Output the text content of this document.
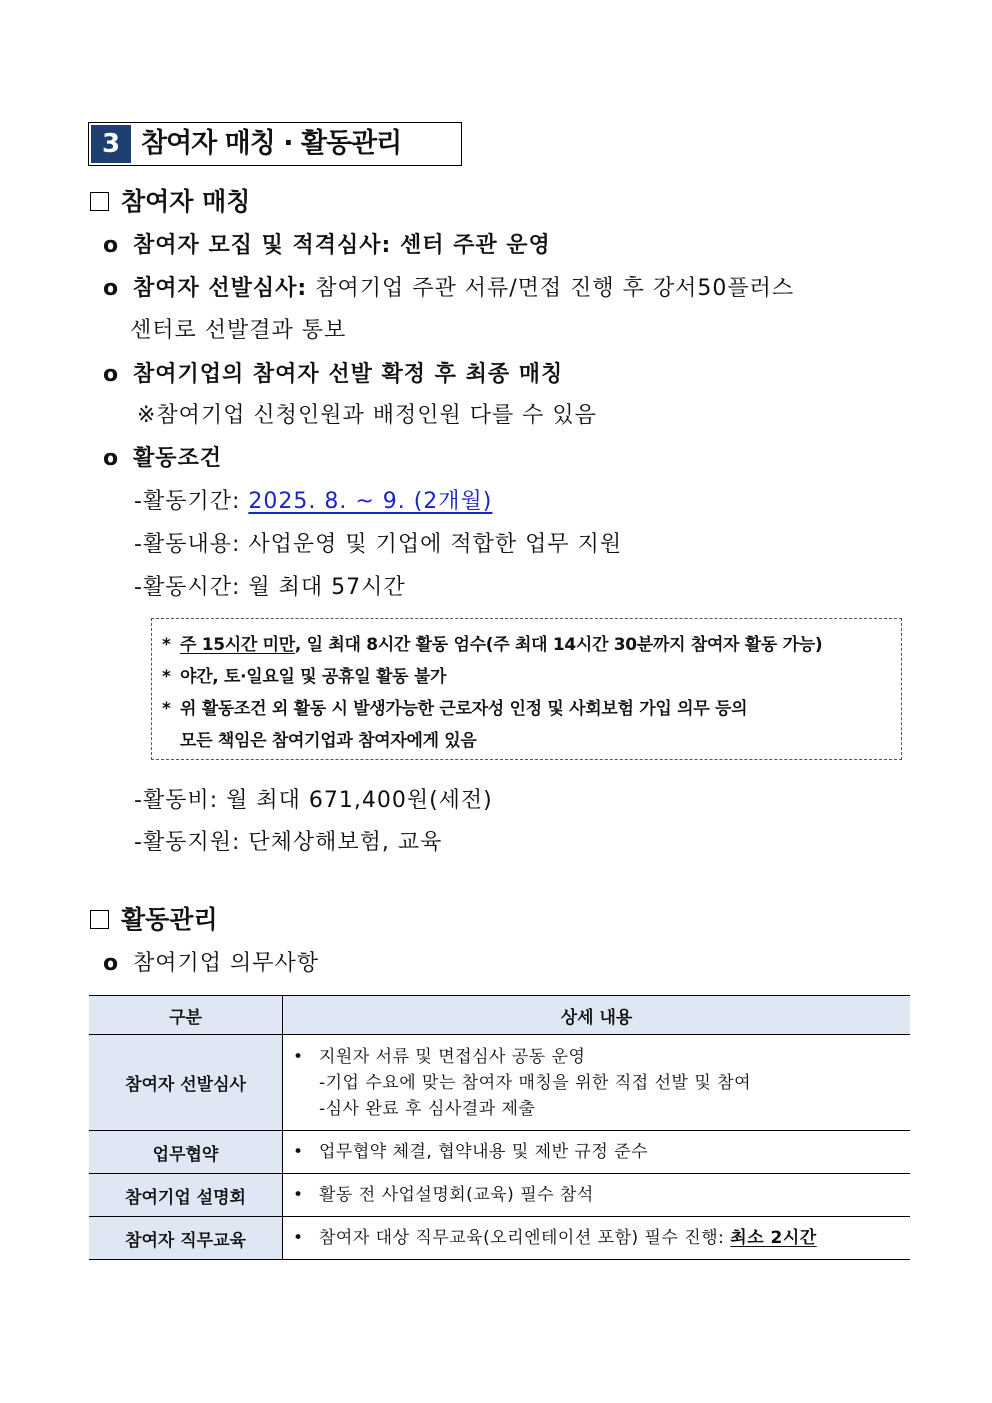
3 참여자 매칭 · 활동관리
참여자 매칭
o 참여자 모집 및 적격심사: 센터 주관 운영
o 참여자 선발심사: 참여기업 주관 서류/면접 진행 후 강서50플러스
센터로 선발결과 통보
o 참여기업의 참여자 선발 확정 후 최종 매칭
※참여기업 신청인원과 배정인원 다를 수 있음
o 활동조건
-활동기간: 2025. 8. ~ 9. (2개월)
-활동내용: 사업운영 및 기업에 적합한 업무 지원
-활동시간: 월 최대 57시간
* 주 15시간 미만, 일 최대 8시간 활동 엄수(주 최대 14시간 30분까지 참여자 활동 가능)
* 야간, 토·일요일 및 공휴일 활동 불가
* 위 활동조건 외 활동 시 발생가능한 근로자성 인정 및 사회보험 가입 의무 등의
모든 책임은 참여기업과 참여자에게 있음
-활동비: 월 최대 671,400원(세전)
-활동지원: 단체상해보험, 교육
활동관리
o 참여기업 의무사항
구분	상세 내용
참여자 선발심사	• 지원자 서류 및 면접심사 공동 운영
-기업 수요에 맞는 참여자 매칭을 위한 직접 선발 및 참여
-심사 완료 후 심사결과 제출

업무협약	• 업무협약 체결, 협약내용 및 제반 규정 준수
참여기업 설명회	• 활동 전 사업설명회(교육) 필수 참석
참여자 직무교육	• 참여자 대상 직무교육(오리엔테이션 포함) 필수 진행: 최소 2시간
